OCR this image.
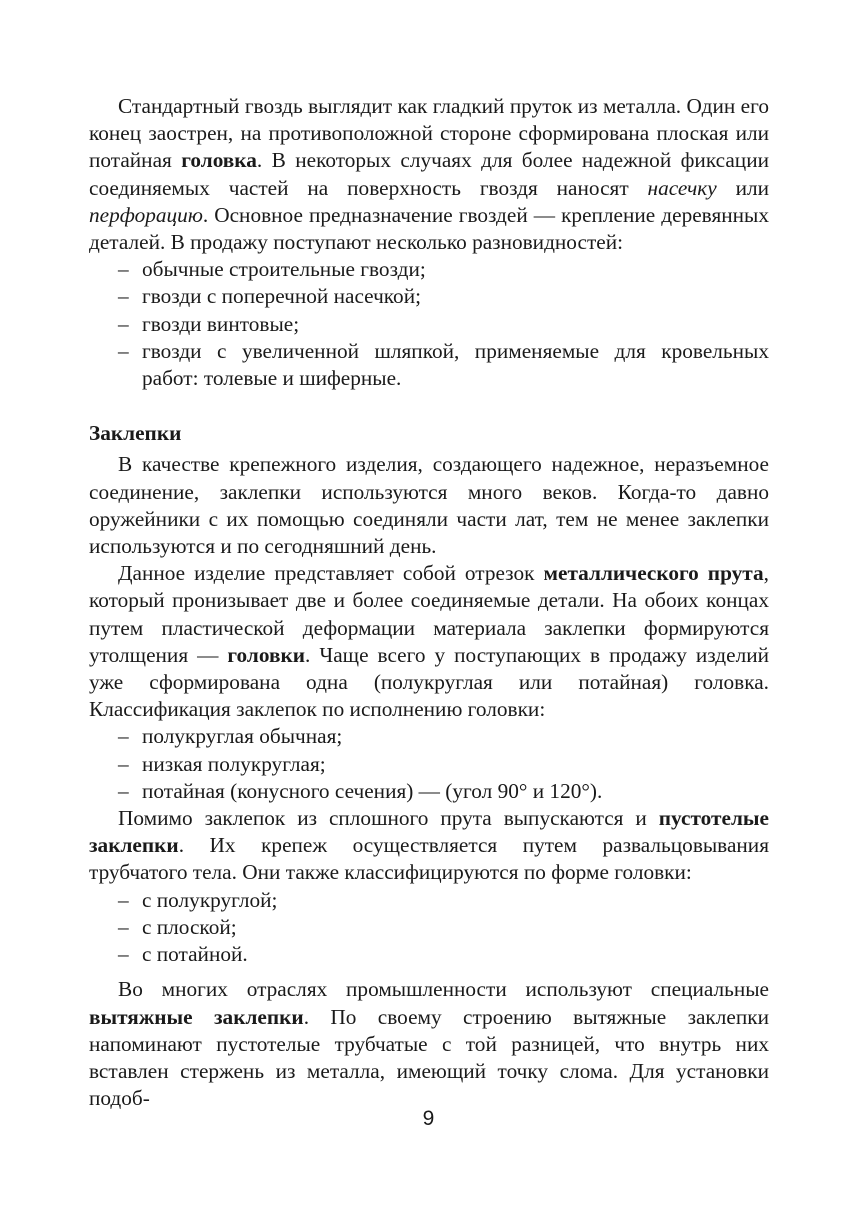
Стандартный гвоздь выглядит как гладкий пруток из металла. Один его конец заострен, на противоположной стороне сформирована плоская или потайная головка. В некоторых случаях для более надежной фиксации соединяемых частей на поверхность гвоздя наносят насечку или перфорацию. Основное предназначение гвоздей — крепление деревянных деталей. В продажу поступают несколько разновидностей:

– обычные строительные гвозди;
– гвозди с поперечной насечкой;
– гвозди винтовые;
– гвозди с увеличенной шляпкой, применяемые для кровельных работ: толевые и шиферные.
Заклепки

В качестве крепежного изделия, создающего надежное, неразъемное соединение, заклепки используются много веков. Когда-то давно оружейники с их помощью соединяли части лат, тем не менее заклепки используются и по сегодняшний день.

Данное изделие представляет собой отрезок металлического прута, который пронизывает две и более соединяемые детали. На обоих концах путем пластической деформации материала заклепки формируются утолщения — головки. Чаще всего у поступающих в продажу изделий уже сформирована одна (полукруглая или потайная) головка. Классификация заклепок по исполнению головки:

– полукруглая обычная;
– низкая полукруглая;
– потайная (конусного сечения) — (угол 90° и 120°).

Помимо заклепок из сплошного прута выпускаются и пустотелые заклепки. Их крепеж осуществляется путем развальцовывания трубчатого тела. Они также классифицируются по форме головки:

– с полукруглой;
– с плоской;
– с потайной.

Во многих отраслях промышленности используют специальные вытяжные заклепки. По своему строению вытяжные заклепки напоминают пустотелые трубчатые с той разницей, что внутрь них вставлен стержень из металла, имеющий точку слома. Для установки подоб-

9
